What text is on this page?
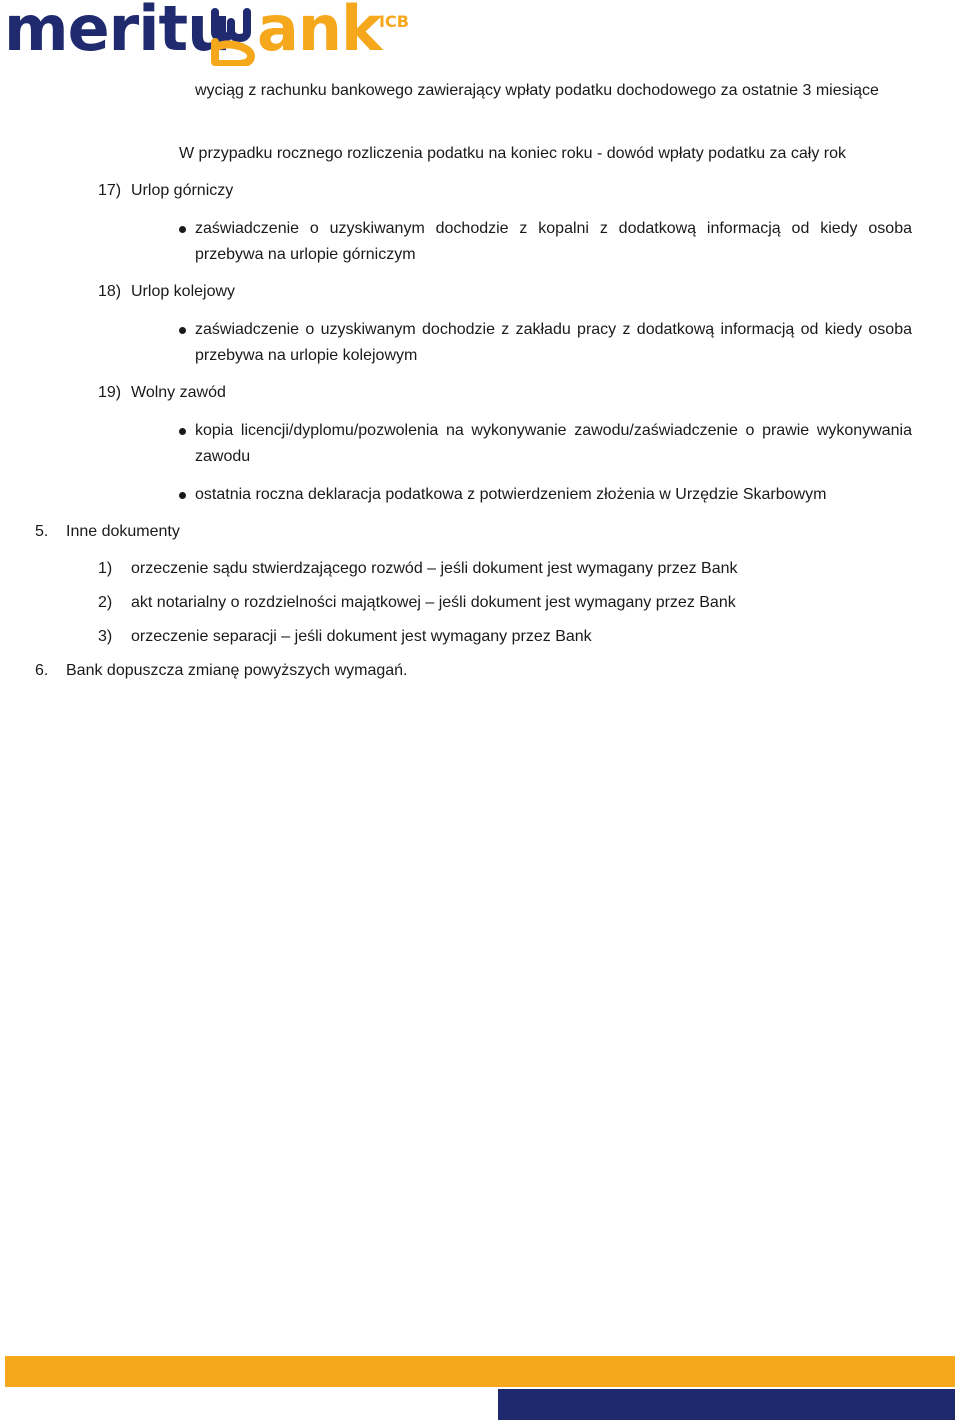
meritu ank
ICB
wyciąg z rachunku bankowego zawierający wpłaty podatku dochodowego za ostatnie 3 miesiące
W przypadku rocznego rozliczenia podatku na koniec roku - dowód wpłaty podatku za cały rok
17) Urlop górniczy
zaświadczenie o uzyskiwanym dochodzie z kopalni z dodatkową informacją od kiedy osoba przebywa na urlopie górniczym
18) Urlop kolejowy
zaświadczenie o uzyskiwanym dochodzie z zakładu pracy z dodatkową informacją od kiedy osoba przebywa na urlopie kolejowym
19) Wolny zawód
kopia licencji/dyplomu/pozwolenia na wykonywanie zawodu/zaświadczenie o prawie wykonywania zawodu
ostatnia roczna deklaracja podatkowa z potwierdzeniem złożenia w Urzędzie Skarbowym
5. Inne dokumenty
1) orzeczenie sądu stwierdzającego rozwód – jeśli dokument jest wymagany przez Bank
2) akt notarialny o rozdzielności majątkowej – jeśli dokument jest wymagany przez Bank
3) orzeczenie separacji – jeśli dokument jest wymagany przez Bank
6. Bank dopuszcza zmianę powyższych wymagań.
